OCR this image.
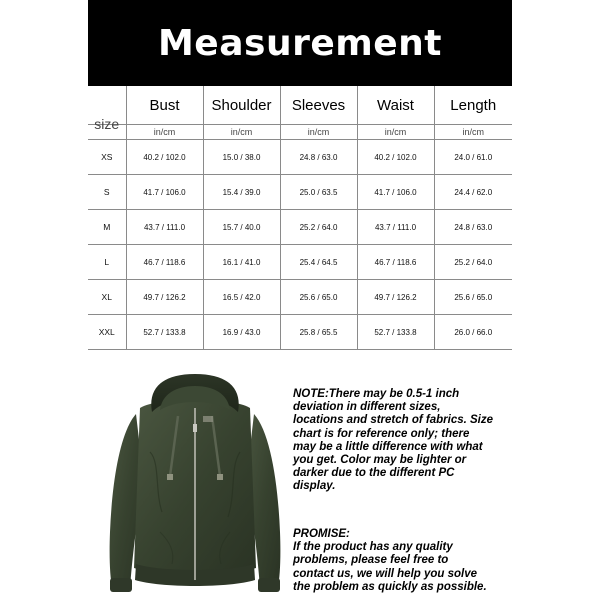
Measurement
size	Bust	Shoulder	Sleeves	Waist	Length
	in/cm	in/cm	in/cm	in/cm	in/cm
XS	40.2 / 102.0	15.0 / 38.0	24.8 / 63.0	40.2 / 102.0	24.0 / 61.0
S	41.7 / 106.0	15.4 / 39.0	25.0 / 63.5	41.7 / 106.0	24.4 / 62.0
M	43.7 / 111.0	15.7 / 40.0	25.2 / 64.0	43.7 / 111.0	24.8 / 63.0
L	46.7 / 118.6	16.1 / 41.0	25.4 / 64.5	46.7 / 118.6	25.2 / 64.0
XL	49.7 / 126.2	16.5 / 42.0	25.6 / 65.0	49.7 / 126.2	25.6 / 65.0
XXL	52.7 / 133.8	16.9 / 43.0	25.8 / 65.5	52.7 / 133.8	26.0 / 66.0
NOTE:There may be 0.5-1 inch
deviation in different sizes,
locations and stretch of fabrics. Size
chart is for reference only; there
may be a little difference with what
you get. Color may be lighter or
darker due to the different PC
display.
PROMISE:
If the product has any quality
problems, please feel free to
contact us, we will help you solve
the problem as quickly as possible.
